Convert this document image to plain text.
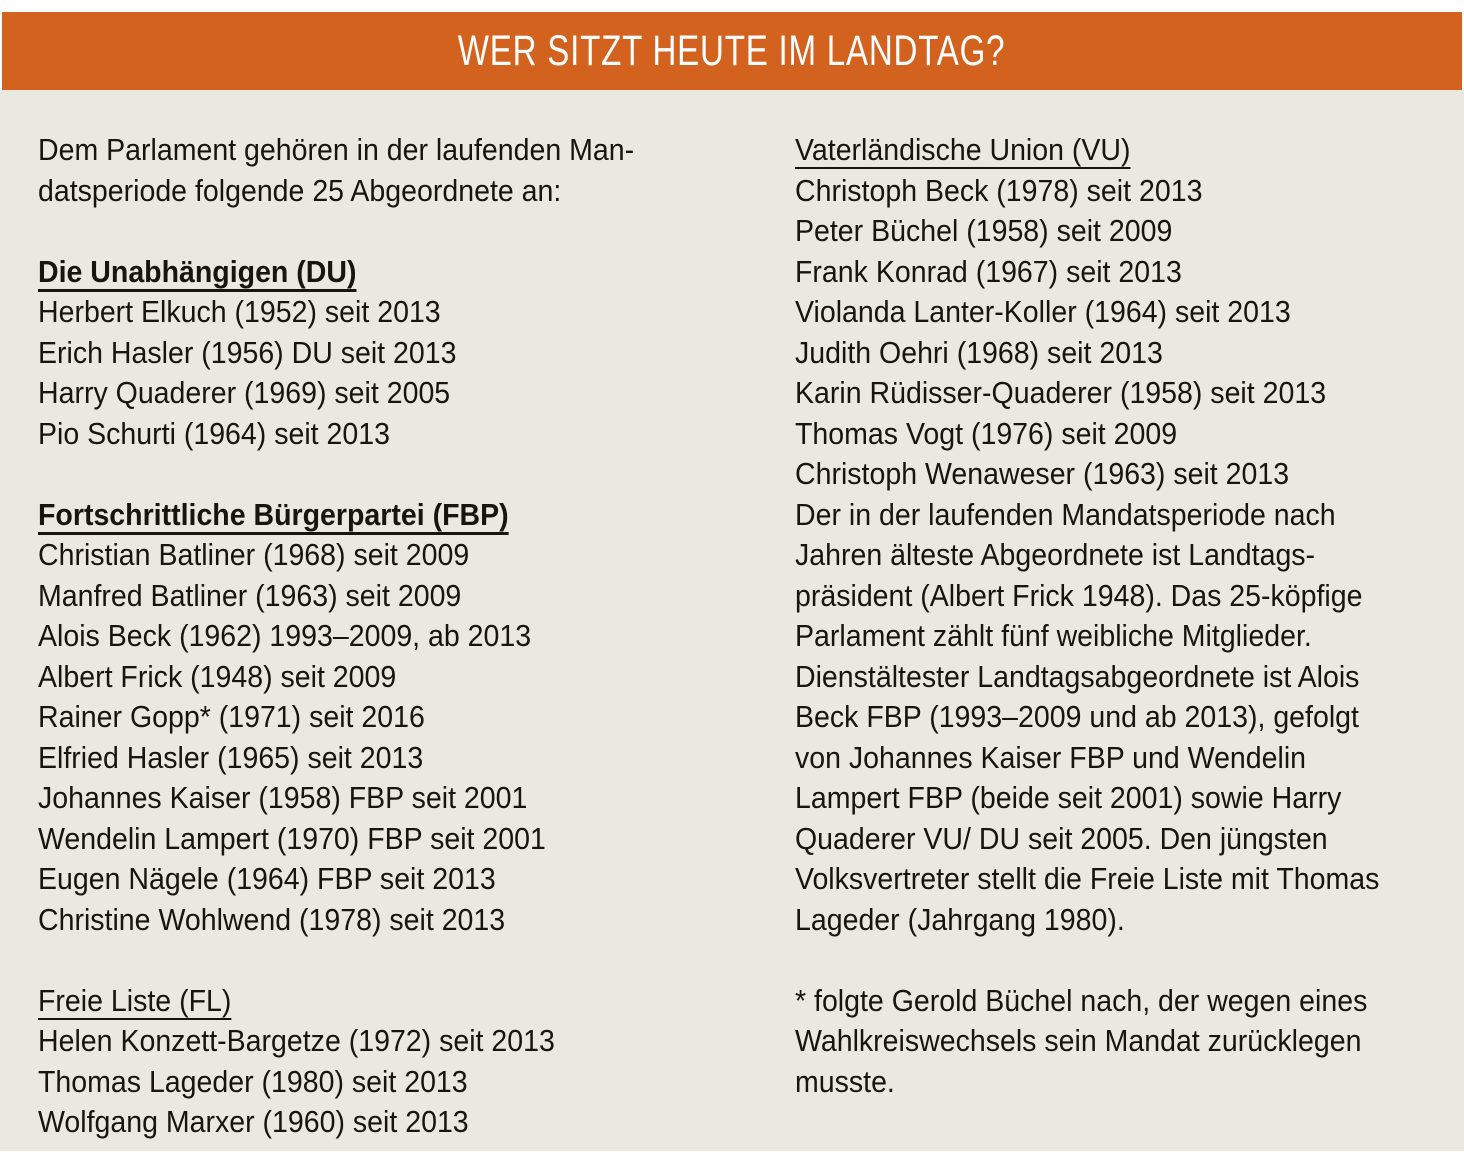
WER SITZT HEUTE IM LANDTAG?
Dem Parlament gehören in der laufenden Man-
datsperiode folgende 25 Abgeordnete an:
Die Unabhängigen (DU)
Herbert Elkuch (1952) seit 2013
Erich Hasler (1956) DU seit 2013
Harry Quaderer (1969) seit 2005
Pio Schurti (1964) seit 2013
Fortschrittliche Bürgerpartei (FBP)
Christian Batliner (1968) seit 2009
Manfred Batliner (1963) seit 2009
Alois Beck (1962) 1993–2009, ab 2013
Albert Frick (1948) seit 2009
Rainer Gopp* (1971) seit 2016
Elfried Hasler (1965) seit 2013
Johannes Kaiser (1958) FBP seit 2001
Wendelin Lampert (1970) FBP seit 2001
Eugen Nägele (1964) FBP seit 2013
Christine Wohlwend (1978) seit 2013
Freie Liste (FL)
Helen Konzett-Bargetze (1972) seit 2013
Thomas Lageder (1980) seit 2013
Wolfgang Marxer (1960) seit 2013
Vaterländische Union (VU)
Christoph Beck (1978) seit 2013
Peter Büchel (1958) seit 2009
Frank Konrad (1967) seit 2013
Violanda Lanter-Koller (1964) seit 2013
Judith Oehri (1968) seit 2013
Karin Rüdisser-Quaderer (1958) seit 2013
Thomas Vogt (1976) seit 2009
Christoph Wenaweser (1963) seit 2013
Der in der laufenden Mandatsperiode nach
Jahren älteste Abgeordnete ist Landtags-
präsident (Albert Frick 1948). Das 25-köpfige
Parlament zählt fünf weibliche Mitglieder.
Dienstältester Landtagsabgeordnete ist Alois
Beck FBP (1993–2009 und ab 2013), gefolgt
von Johannes Kaiser FBP und Wendelin
Lampert FBP (beide seit 2001) sowie Harry
Quaderer VU/ DU seit 2005. Den jüngsten
Volksvertreter stellt die Freie Liste mit Thomas
Lageder (Jahrgang 1980).
* folgte Gerold Büchel nach, der wegen eines
Wahlkreiswechsels sein Mandat zurücklegen
musste.
